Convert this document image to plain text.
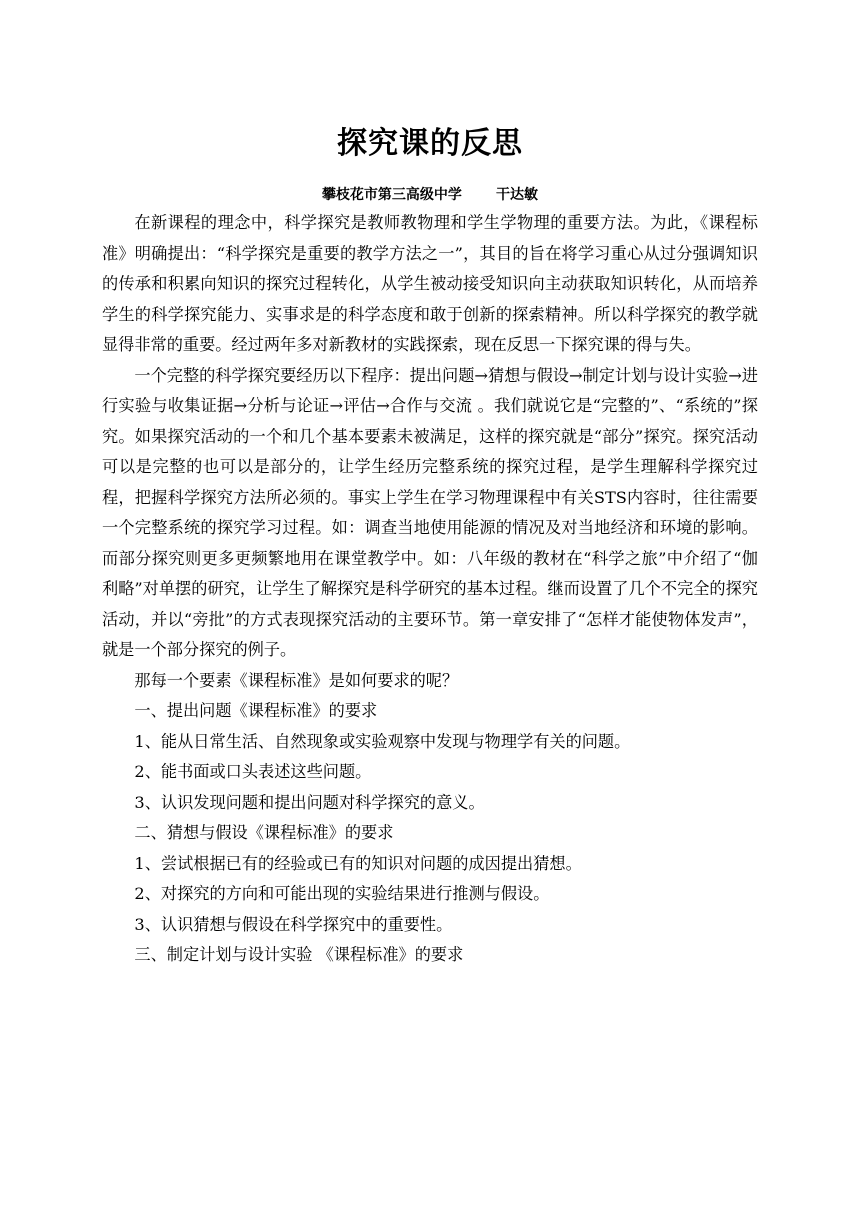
探究课的反思
攀枝花市第三高级中学       干达敏

在新课程的理念中，科学探究是教师教物理和学生学物理的重要方法。为此，《课程标准》明确提出：“科学探究是重要的教学方法之一”，其目的旨在将学习重心从过分强调知识的传承和积累向知识的探究过程转化，从学生被动接受知识向主动获取知识转化，从而培养学生的科学探究能力、实事求是的科学态度和敢于创新的探索精神。所以科学探究的教学就显得非常的重要。经过两年多对新教材的实践探索，现在反思一下探究课的得与失。

一个完整的科学探究要经历以下程序：提出问题→猜想与假设→制定计划与设计实验→进行实验与收集证据→分析与论证→评估→合作与交流 。我们就说它是“完整的”、“系统的”探究。如果探究活动的一个和几个基本要素未被满足，这样的探究就是“部分”探究。探究活动可以是完整的也可以是部分的，让学生经历完整系统的探究过程，是学生理解科学探究过程，把握科学探究方法所必须的。事实上学生在学习物理课程中有关STS内容时，往往需要一个完整系统的探究学习过程。如：调查当地使用能源的情况及对当地经济和环境的影响。而部分探究则更多更频繁地用在课堂教学中。如：八年级的教材在“科学之旅”中介绍了“伽利略”对单摆的研究，让学生了解探究是科学研究的基本过程。继而设置了几个不完全的探究活动，并以“旁批”的方式表现探究活动的主要环节。第一章安排了“怎样才能使物体发声”，就是一个部分探究的例子。

那每一个要素《课程标准》是如何要求的呢？

一、提出问题《课程标准》的要求

1、能从日常生活、自然现象或实验观察中发现与物理学有关的问题。

2、能书面或口头表述这些问题。

3、认识发现问题和提出问题对科学探究的意义。

二、猜想与假设《课程标准》的要求

1、尝试根据已有的经验或已有的知识对问题的成因提出猜想。

2、对探究的方向和可能出现的实验结果进行推测与假设。

3、认识猜想与假设在科学探究中的重要性。

三、制定计划与设计实验 《课程标准》的要求
